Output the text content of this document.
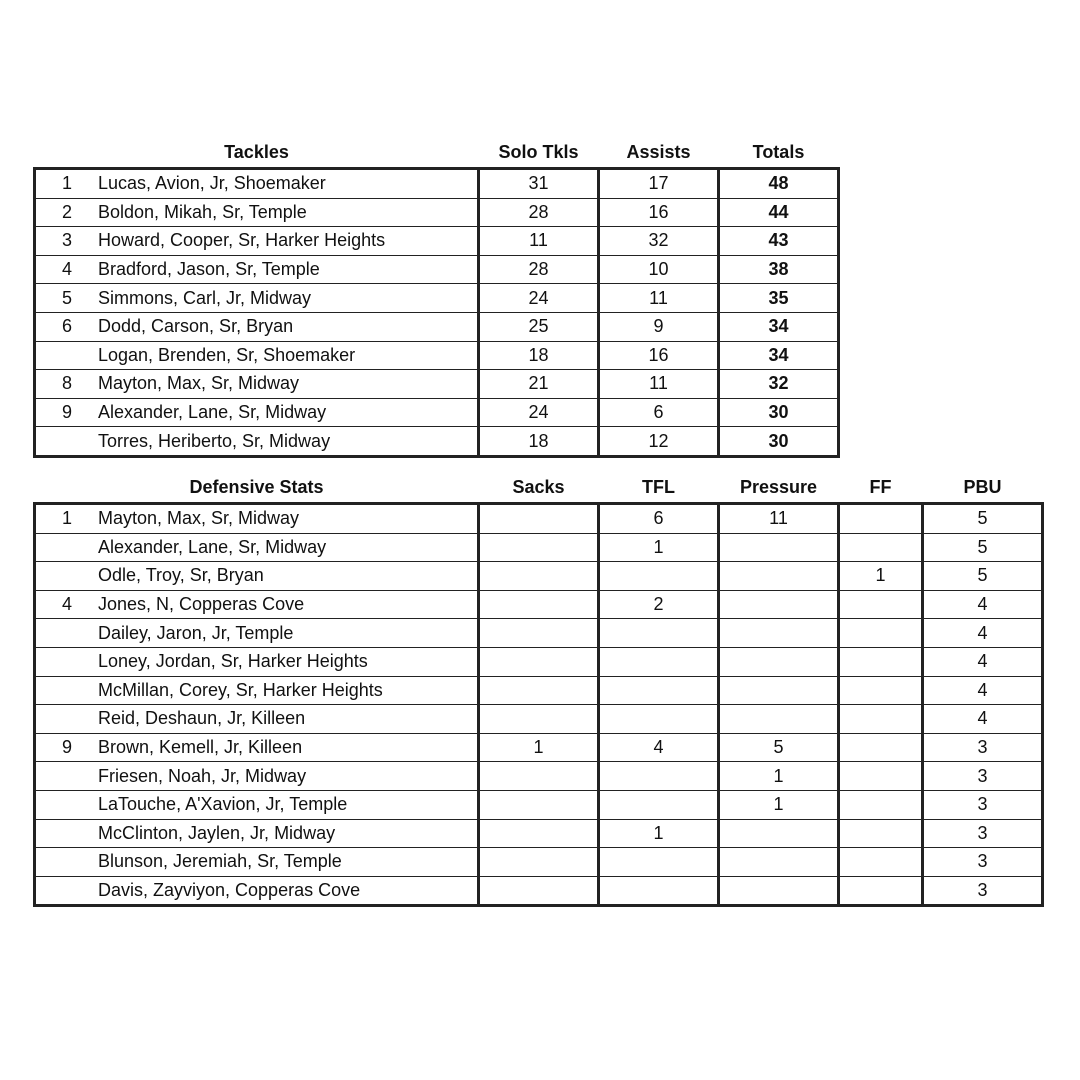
Tackles	Solo Tkls	Assists	Totals
1 Lucas, Avion, Jr, Shoemaker	31	17	48
2 Boldon, Mikah, Sr, Temple	28	16	44
3 Howard, Cooper, Sr, Harker Heights	11	32	43
4 Bradford, Jason, Sr, Temple	28	10	38
5 Simmons, Carl, Jr, Midway	24	11	35
6 Dodd, Carson, Sr, Bryan	25	9	34
Logan, Brenden, Sr, Shoemaker	18	16	34
8 Mayton, Max, Sr, Midway	21	11	32
9 Alexander, Lane, Sr, Midway	24	6	30
Torres, Heriberto, Sr, Midway	18	12	30
Defensive Stats	Sacks	TFL	Pressure	FF	PBU
1 Mayton, Max, Sr, Midway		6	11		5
Alexander, Lane, Sr, Midway		1			5
Odle, Troy, Sr, Bryan				1	5
4 Jones, N, Copperas Cove		2			4
Dailey, Jaron, Jr, Temple					4
Loney, Jordan, Sr, Harker Heights					4
McMillan, Corey, Sr, Harker Heights					4
Reid, Deshaun, Jr, Killeen					4
9 Brown, Kemell, Jr, Killeen	1	4	5		3
Friesen, Noah, Jr, Midway			1		3
LaTouche, A'Xavion, Jr, Temple			1		3
McClinton, Jaylen, Jr, Midway		1			3
Blunson, Jeremiah, Sr, Temple					3
Davis, Zayviyon, Copperas Cove					3
